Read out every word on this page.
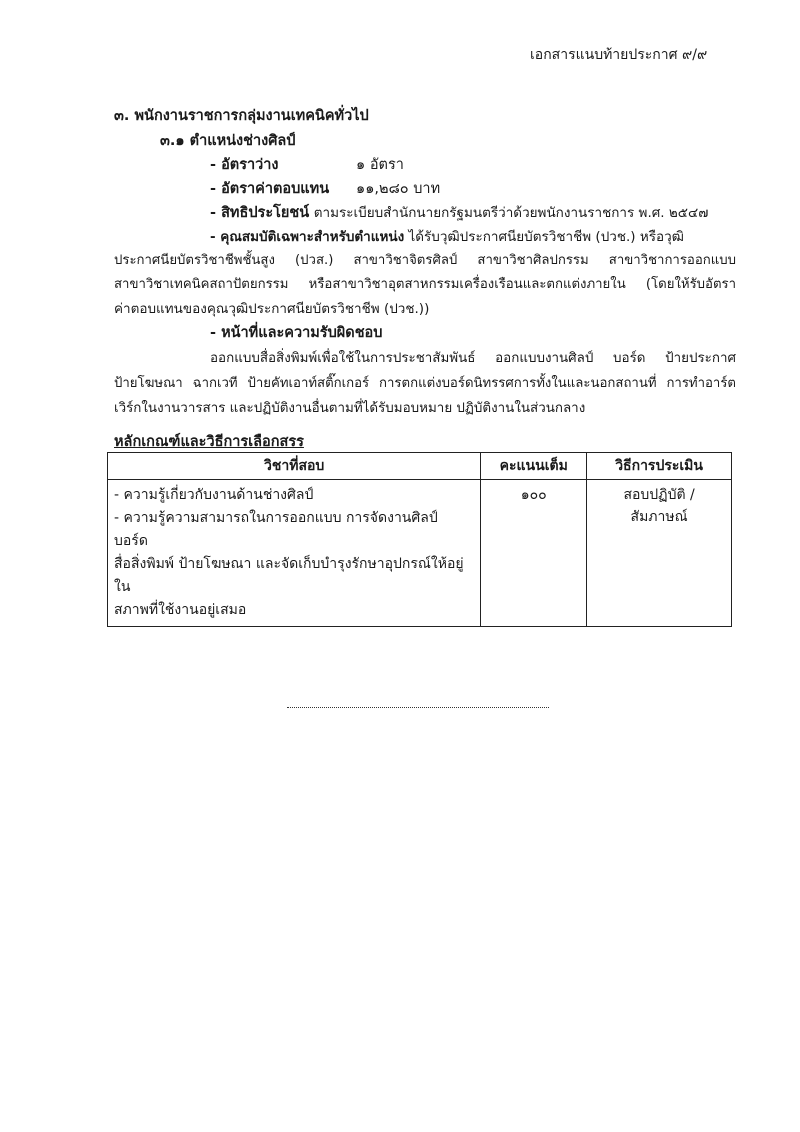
เอกสารแนบท้ายประกาศ ๙/๙
๓. พนักงานราชการกลุ่มงานเทคนิคทั่วไป
๓.๑ ตำแหน่งช่างศิลป์
- อัตราว่าง	๑ อัตรา
- อัตราค่าตอบแทน ๑๑,๒๘๐ บาท
- สิทธิประโยชน์ ตามระเบียบสำนักนายกรัฐมนตรีว่าด้วยพนักงานราชการ พ.ศ. ๒๕๔๗
- คุณสมบัติเฉพาะสำหรับตำแหน่ง ได้รับวุฒิประกาศนียบัตรวิชาชีพ (ปวช.) หรือวุฒิ
ประกาศนียบัตรวิชาชีพชั้นสูง (ปวส.) สาขาวิชาจิตรศิลป์ สาขาวิชาศิลปกรรม สาขาวิชาการออกแบบ
สาขาวิชาเทคนิคสถาปัตยกรรม หรือสาขาวิชาอุตสาหกรรมเครื่องเรือนและตกแต่งภายใน (โดยให้รับอัตรา
ค่าตอบแทนของคุณวุฒิประกาศนียบัตรวิชาชีพ (ปวช.))
- หน้าที่และความรับผิดชอบ
ออกแบบสื่อสิ่งพิมพ์เพื่อใช้ในการประชาสัมพันธ์ ออกแบบงานศิลป์ บอร์ด ป้ายประกาศ
ป้ายโฆษณา ฉากเวที ป้ายคัทเอาท์สติ๊กเกอร์ การตกแต่งบอร์ดนิทรรศการทั้งในและนอกสถานที่ การทำอาร์ต
เวิร์กในงานวารสาร และปฏิบัติงานอื่นตามที่ได้รับมอบหมาย ปฏิบัติงานในส่วนกลาง
หลักเกณฑ์และวิธีการเลือกสรร
วิชาที่สอบ	คะแนนเต็ม	วิธีการประเมิน

- ความรู้เกี่ยวกับงานด้านช่างศิลป์
- ความรู้ความสามารถในการออกแบบ การจัดงานศิลป์ บอร์ด
สื่อสิ่งพิมพ์ ป้ายโฆษณา และจัดเก็บบำรุงรักษาอุปกรณ์ให้อยู่ใน
สภาพที่ใช้งานอยู่เสมอ	๑๐๐	สอบปฏิบัติ / สัมภาษณ์
